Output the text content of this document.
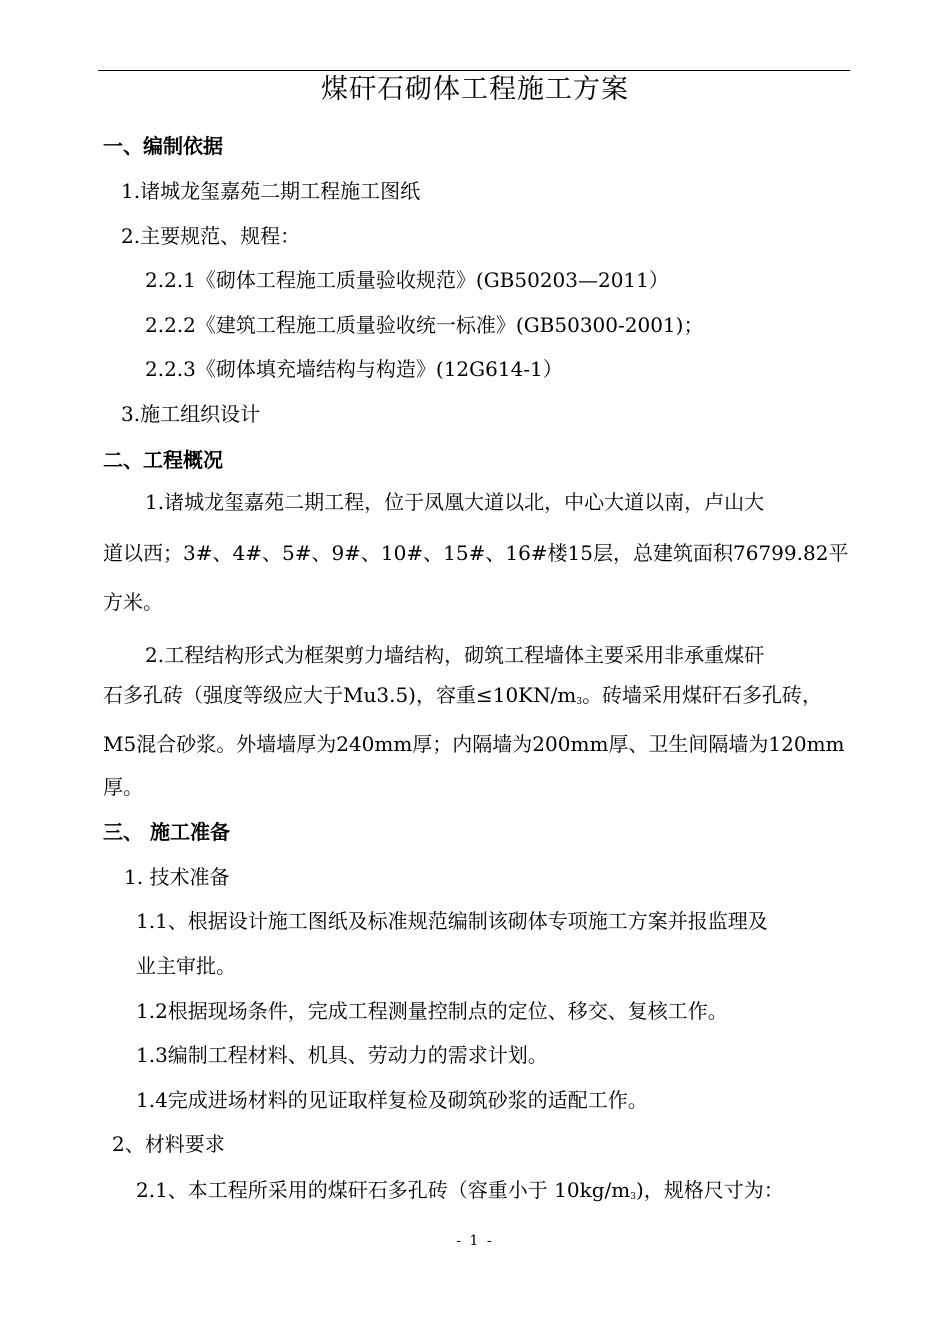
煤矸石砌体工程施工方案
一、编制依据
1.诸城龙玺嘉苑二期工程施工图纸
2.主要规范、规程：
2.2.1《砌体工程施工质量验收规范》(GB50203—2011）
2.2.2《建筑工程施工质量验收统一标准》(GB50300-2001)；
2.2.3《砌体填充墙结构与构造》(12G614-1）
3.施工组织设计
二、工程概况
1.诸城龙玺嘉苑二期工程，位于凤凰大道以北，中心大道以南，卢山大
道以西；3#、4#、5#、9#、10#、15#、16#楼15层，总建筑面积76799.82平
方米。
2.工程结构形式为框架剪力墙结构，砌筑工程墙体主要采用非承重煤矸
石多孔砖（强度等级应大于Mu3.5)，容重$\le 10KN/m_3$。砖墙采用煤矸石多孔砖，
M5混合砂浆。外墙墙厚为240mm厚；内隔墙为200mm厚、卫生间隔墙为120mm
厚。
三、 施工准备
1. 技术准备
1.1、根据设计施工图纸及标准规范编制该砌体专项施工方案并报监理及
业主审批。
1.2根据现场条件，完成工程测量控制点的定位、移交、复核工作。
1.3编制工程材料、机具、劳动力的需求计划。
1.4完成进场材料的见证取样复检及砌筑砂浆的适配工作。
2、材料要求
2.1、本工程所采用的煤矸石多孔砖（容重小于 $10kg/m_3$)，规格尺寸为：
- 1 -
